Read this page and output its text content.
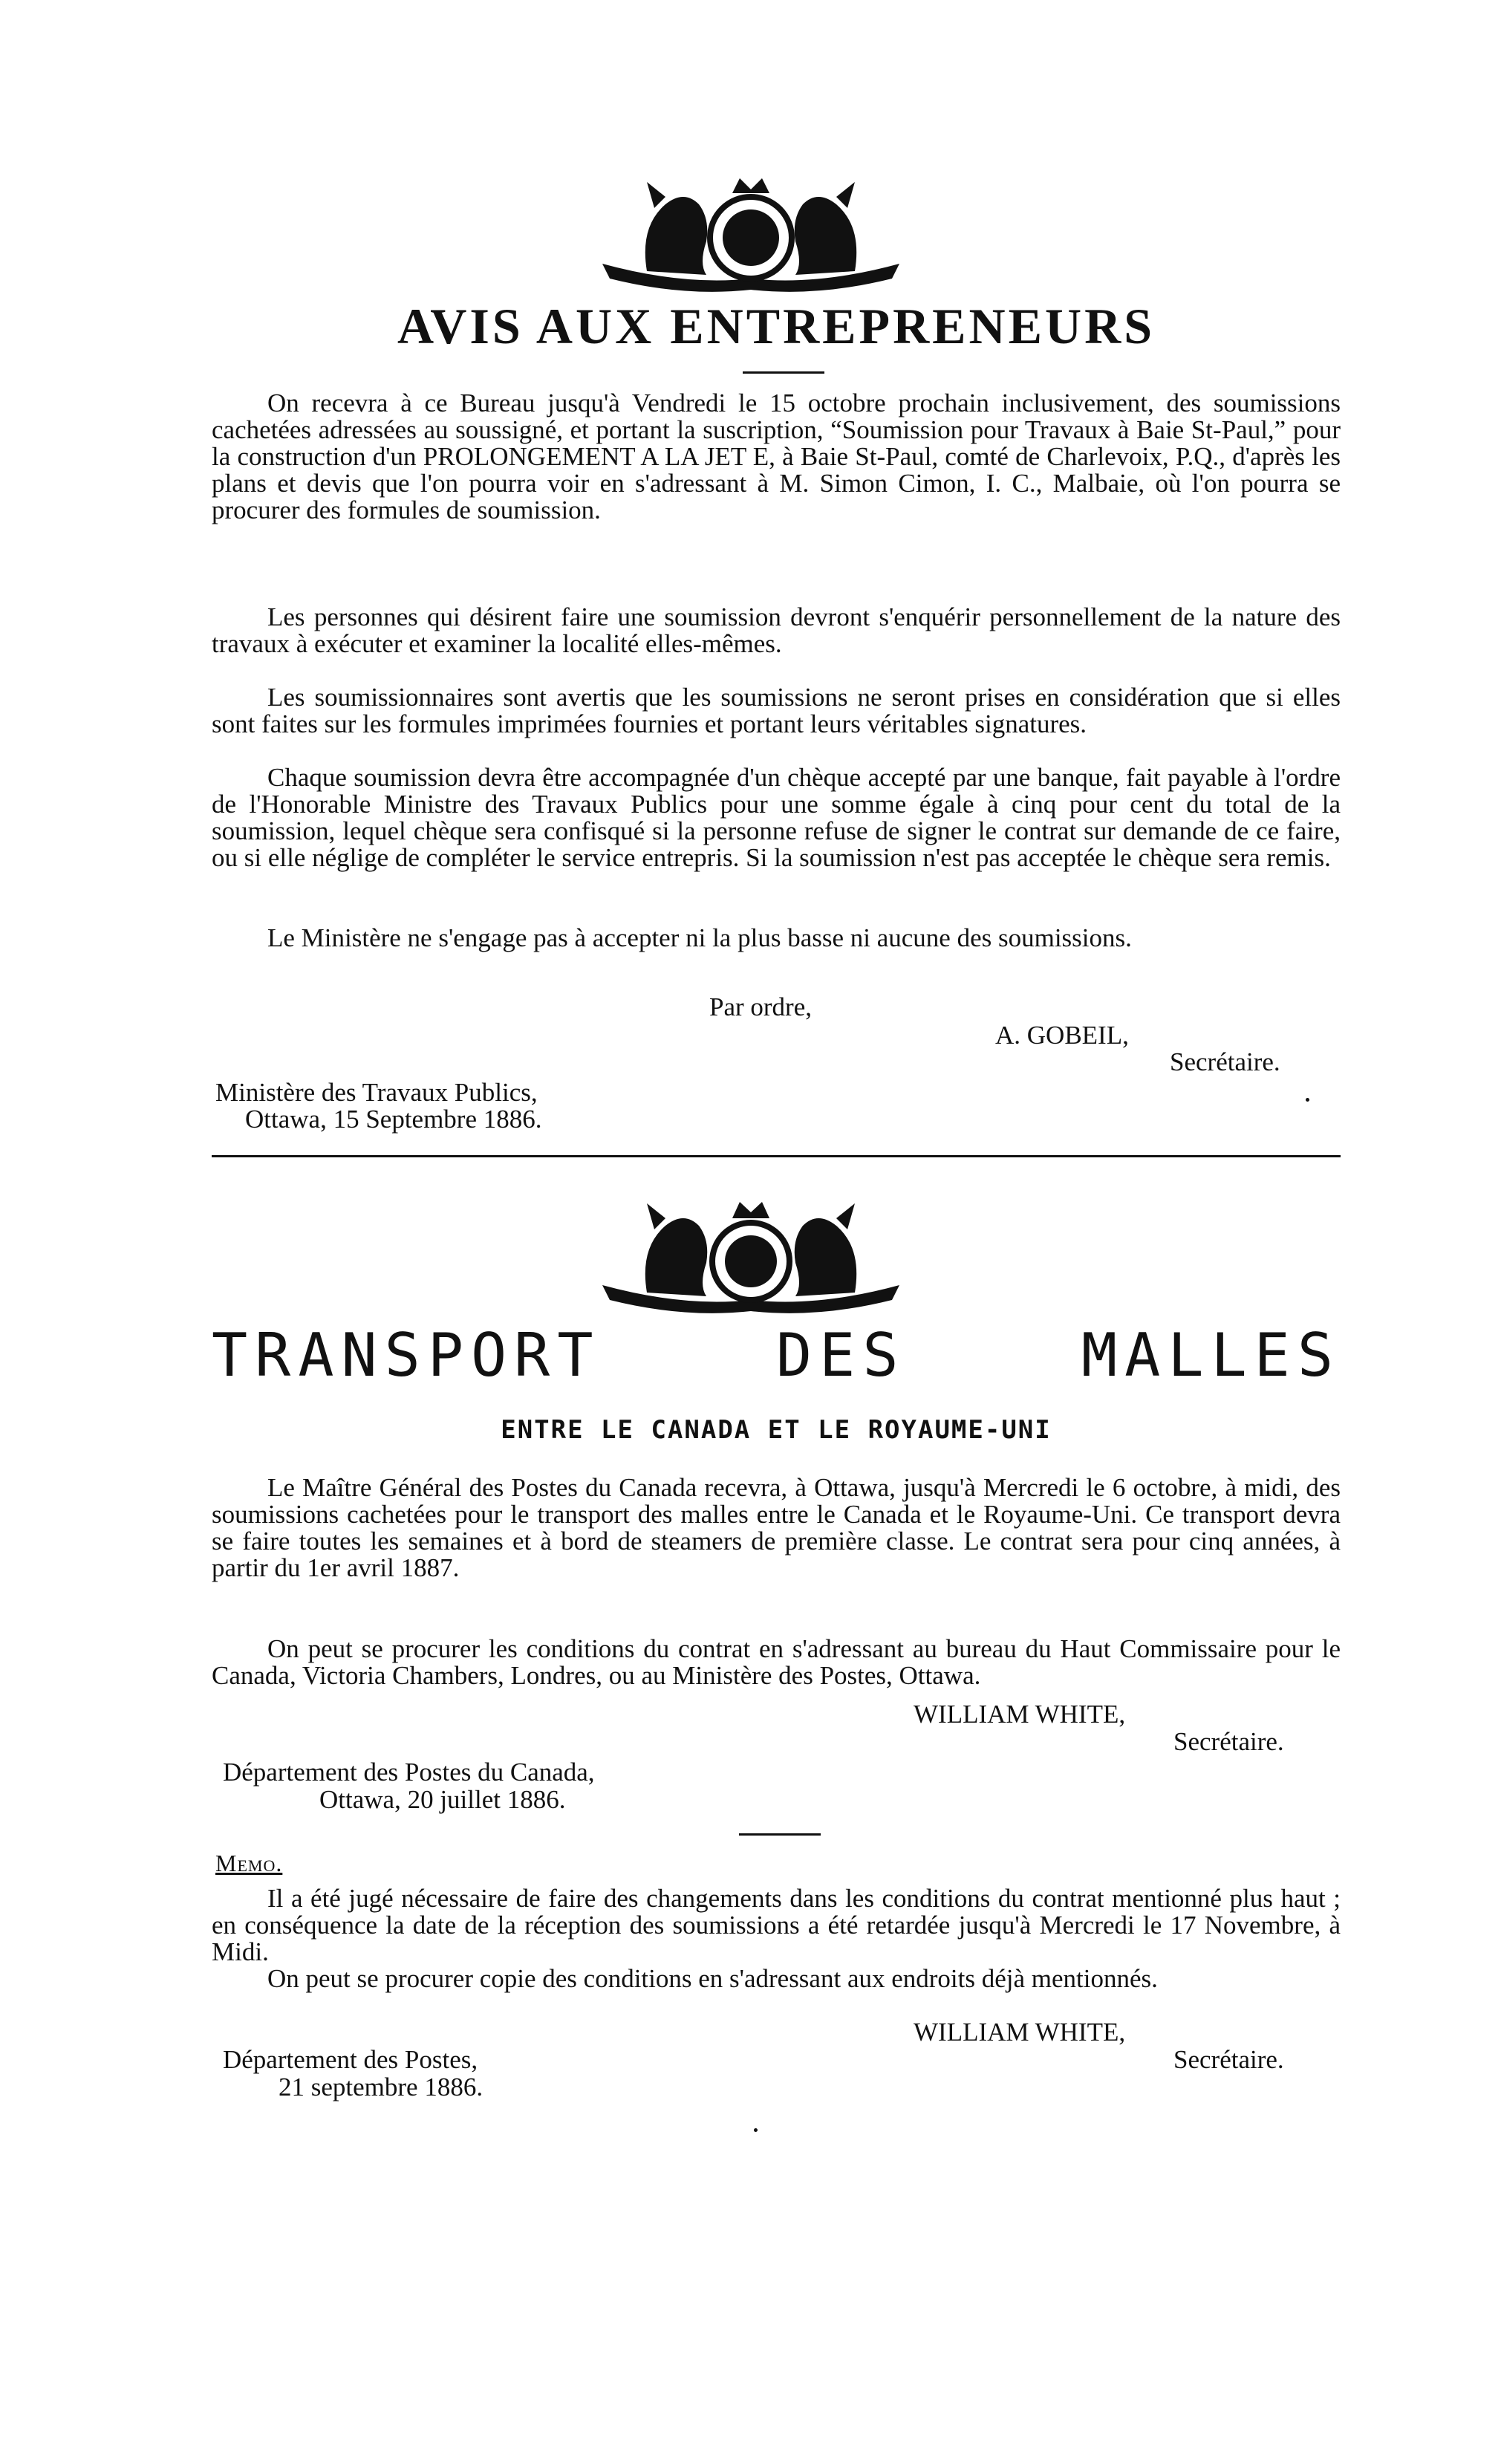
AVIS AUX ENTREPRENEURS

On recevra à ce Bureau jusqu'à Vendredi le 15 octobre prochain inclusivement, des soumissions cachetées adressées au soussigné, et portant la suscription, “Soumission pour Travaux à Baie St-Paul,” pour la construction d'un PROLONGEMENT A LA JET E, à Baie St-Paul, comté de Charlevoix, P.Q., d'après les plans et devis que l'on pourra voir en s'adressant à M. Simon Cimon, I. C., Malbaie, où l'on pourra se procurer des formules de soumission.

Les personnes qui désirent faire une soumission devront s'enquérir personnellement de la nature des travaux à exécuter et examiner la localité elles-mêmes.

Les soumissionnaires sont avertis que les soumissions ne seront prises en considération que si elles sont faites sur les formules imprimées fournies et portant leurs véritables signatures.

Chaque soumission devra être accompagnée d'un chèque accepté par une banque, fait payable à l'ordre de l'Honorable Ministre des Travaux Publics pour une somme égale à cinq pour cent du total de la soumission, lequel chèque sera confisqué si la personne refuse de signer le contrat sur demande de ce faire, ou si elle néglige de compléter le service entrepris. Si la soumission n'est pas acceptée le chèque sera remis.

Le Ministère ne s'engage pas à accepter ni la plus basse ni aucune des soumissions.

Par ordre,
A. GOBEIL,
Secrétaire.
Ministère des Travaux Publics,
Ottawa, 15 Septembre 1886.
TRANSPORT	DES	MALLES
ENTRE LE CANADA ET LE ROYAUME-UNI

Le Maître Général des Postes du Canada recevra, à Ottawa, jusqu'à Mercredi le 6 octobre, à midi, des soumissions cachetées pour le transport des malles entre le Canada et le Royaume-Uni. Ce transport devra se faire toutes les semaines et à bord de steamers de première classe. Le contrat sera pour cinq années, à partir du 1er avril 1887.

On peut se procurer les conditions du contrat en s'adressant au bureau du Haut Commissaire pour le Canada, Victoria Chambers, Londres, ou au Ministère des Postes, Ottawa.

WILLIAM WHITE,
Secrétaire.
Département des Postes du Canada,
Ottawa, 20 juillet 1886.
Memo.

Il a été jugé nécessaire de faire des changements dans les conditions du contrat mentionné plus haut ; en conséquence la date de la réception des soumissions a été retardée jusqu'à Mercredi le 17 Novembre, à Midi.

On peut se procurer copie des conditions en s'adressant aux endroits déjà mentionnés.

WILLIAM WHITE,
Secrétaire.
Département des Postes,
21 septembre 1886.
